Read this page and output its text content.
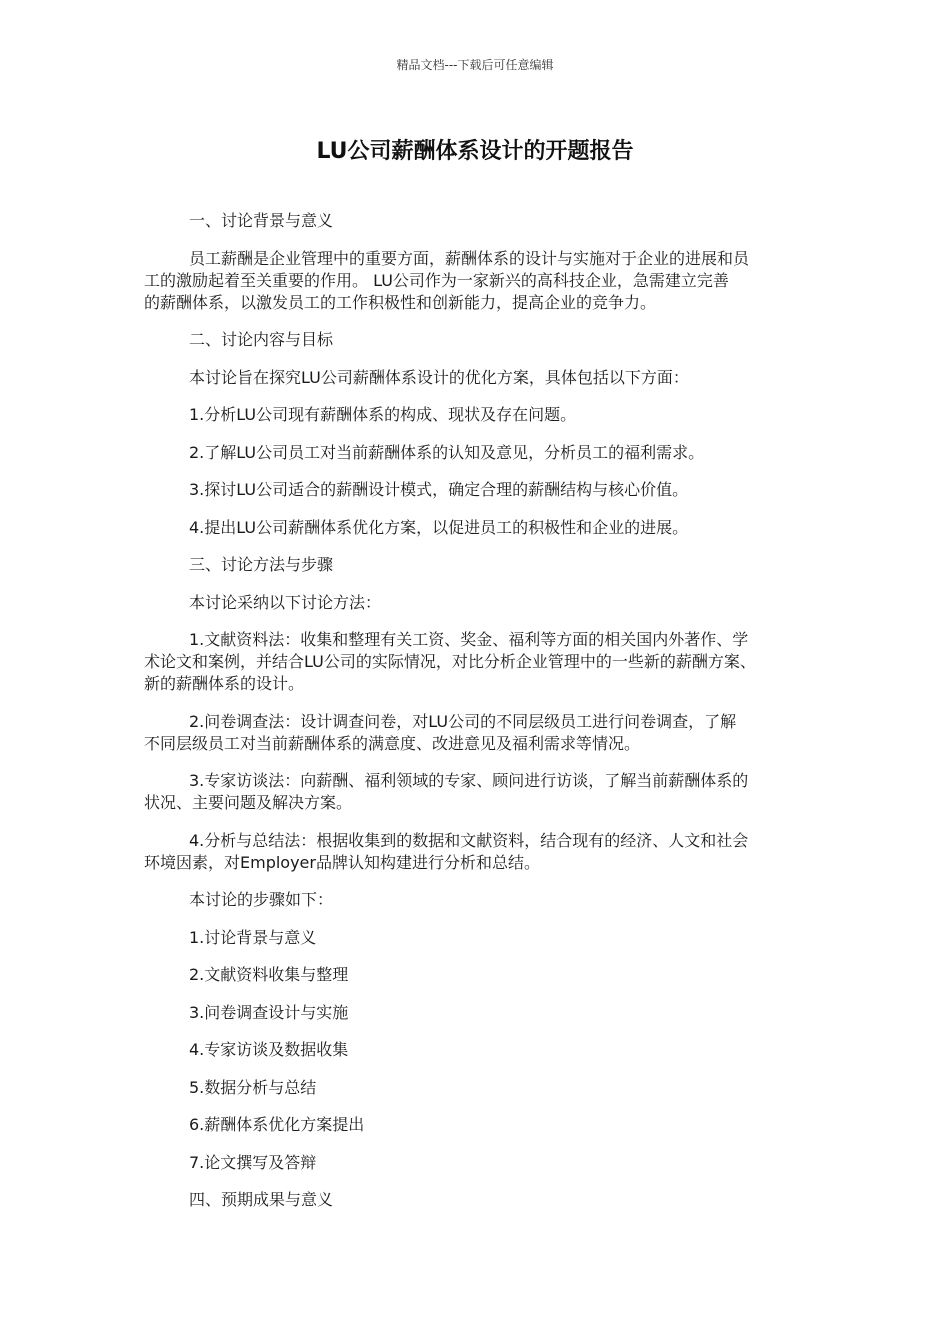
精品文档---下载后可任意编辑
LU公司薪酬体系设计的开题报告
一、讨论背景与意义
员工薪酬是企业管理中的重要方面，薪酬体系的设计与实施对于企业的进展和员
工的激励起着至关重要的作用。 LU公司作为一家新兴的高科技企业，急需建立完善
的薪酬体系，以激发员工的工作积极性和创新能力，提高企业的竞争力。
二、讨论内容与目标
本讨论旨在探究LU公司薪酬体系设计的优化方案，具体包括以下方面：
1.分析LU公司现有薪酬体系的构成、现状及存在问题。
2.了解LU公司员工对当前薪酬体系的认知及意见，分析员工的福利需求。
3.探讨LU公司适合的薪酬设计模式，确定合理的薪酬结构与核心价值。
4.提出LU公司薪酬体系优化方案，以促进员工的积极性和企业的进展。
三、讨论方法与步骤
本讨论采纳以下讨论方法：
1.文献资料法：收集和整理有关工资、奖金、福利等方面的相关国内外著作、学
术论文和案例，并结合LU公司的实际情况，对比分析企业管理中的一些新的薪酬方案、
新的薪酬体系的设计。
2.问卷调查法：设计调查问卷，对LU公司的不同层级员工进行问卷调查，了解
不同层级员工对当前薪酬体系的满意度、改进意见及福利需求等情况。
3.专家访谈法：向薪酬、福利领域的专家、顾问进行访谈，了解当前薪酬体系的
状况、主要问题及解决方案。
4.分析与总结法：根据收集到的数据和文献资料，结合现有的经济、人文和社会
环境因素，对Employer品牌认知构建进行分析和总结。
本讨论的步骤如下：
1.讨论背景与意义
2.文献资料收集与整理
3.问卷调查设计与实施
4.专家访谈及数据收集
5.数据分析与总结
6.薪酬体系优化方案提出
7.论文撰写及答辩
四、预期成果与意义
